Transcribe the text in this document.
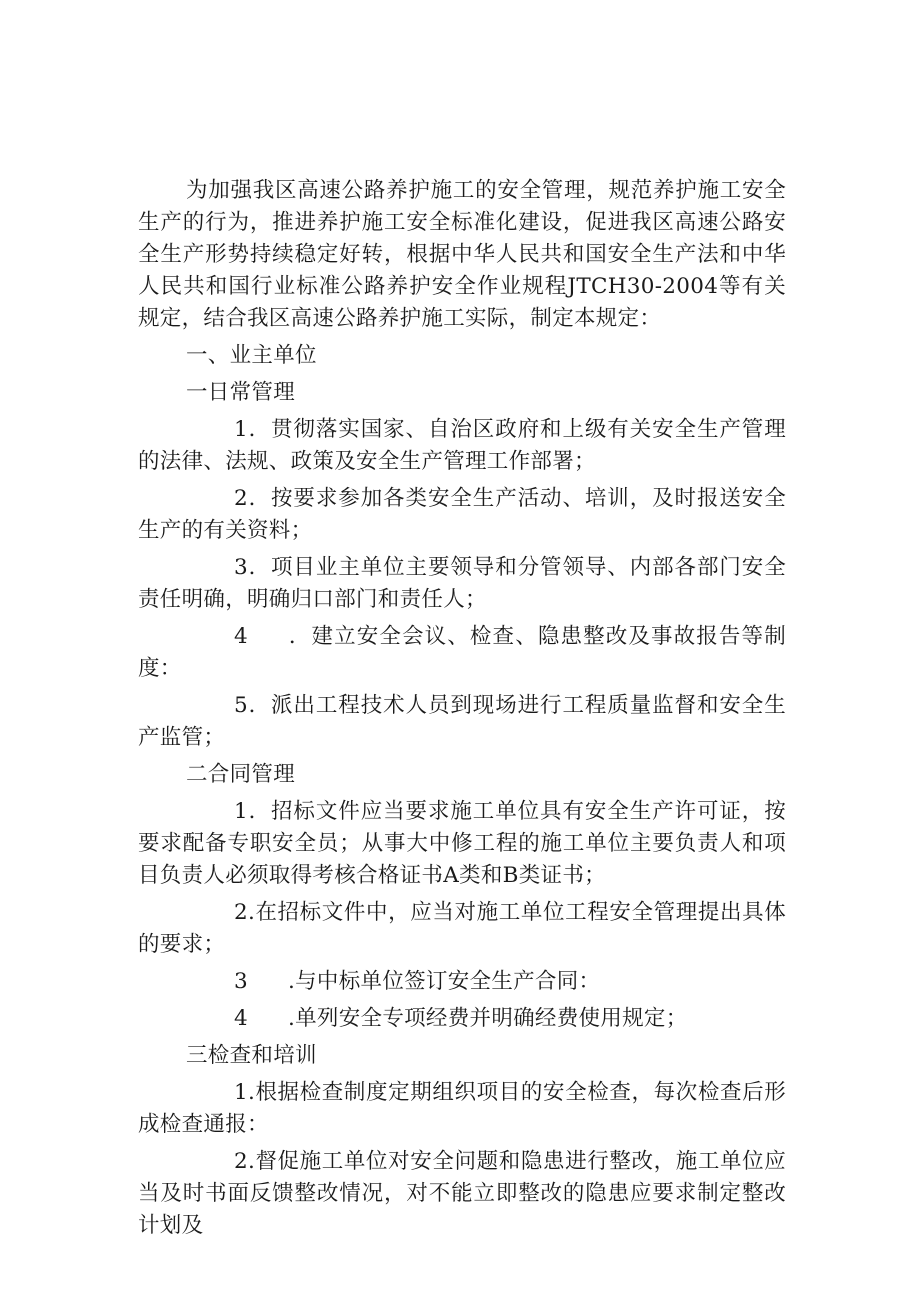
为加强我区高速公路养护施工的安全管理，规范养护施工安全生产的行为，推进养护施工安全标准化建设，促进我区高速公路安全生产形势持续稳定好转，根据中华人民共和国安全生产法和中华人民共和国行业标准公路养护安全作业规程JTCH30-2004等有关规定，结合我区高速公路养护施工实际，制定本规定：

一、业主单位

一日常管理

1．贯彻落实国家、自治区政府和上级有关安全生产管理的法律、法规、政策及安全生产管理工作部署；

2．按要求参加各类安全生产活动、培训，及时报送安全生产的有关资料；

3．项目业主单位主要领导和分管领导、内部各部门安全责任明确，明确归口部门和责任人；

4 ．建立安全会议、检查、隐患整改及事故报告等制度：

5．派出工程技术人员到现场进行工程质量监督和安全生产监管；

二合同管理

1．招标文件应当要求施工单位具有安全生产许可证，按要求配备专职安全员；从事大中修工程的施工单位主要负责人和项目负责人必须取得考核合格证书A类和B类证书；

2.在招标文件中，应当对施工单位工程安全管理提出具体的要求；

3 .与中标单位签订安全生产合同：

4 .单列安全专项经费并明确经费使用规定；

三检查和培训

1.根据检查制度定期组织项目的安全检查，每次检查后形成检查通报：

2.督促施工单位对安全问题和隐患进行整改，施工单位应当及时书面反馈整改情况，对不能立即整改的隐患应要求制定整改计划及
